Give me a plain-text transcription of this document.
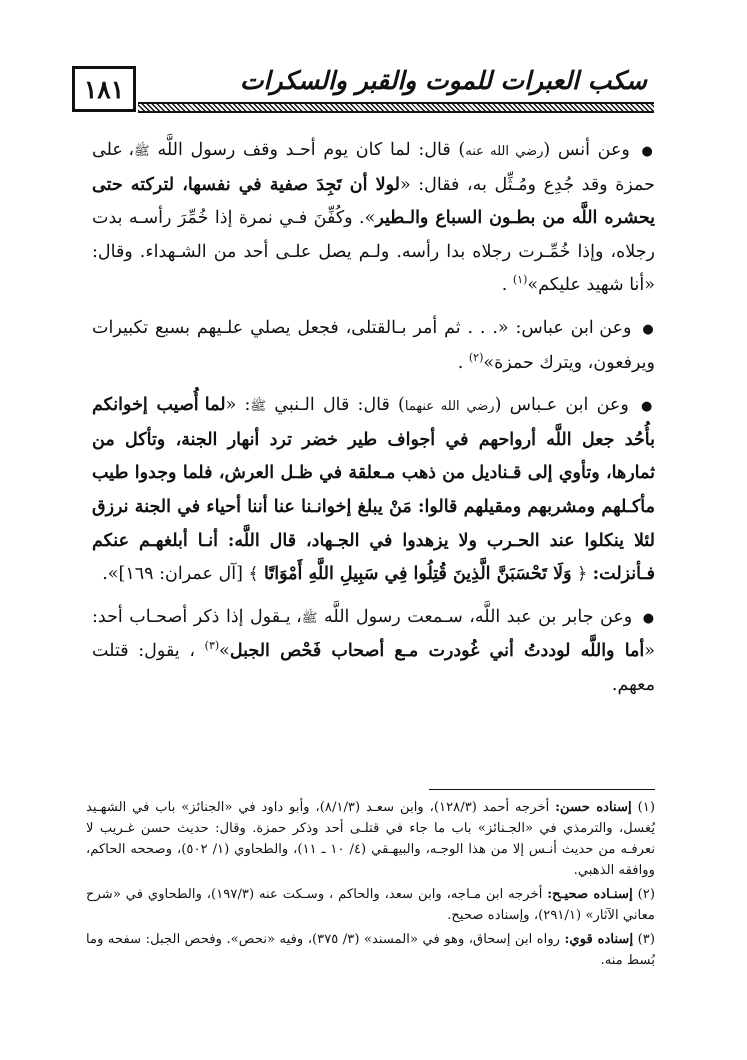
١٨١	سكب العبرات للموت والقبر والسكرات

● وعن أنس (رضي الله عنه) قال: لما كان يوم أحـد وقف رسول اللَّه ﷺ، على حمزة وقد جُدِع ومُـثِّل به، فقال: «لولا أن تَجِدَ صفية في نفسها، لتركته حتى يحشره اللَّه من بطـون السباع والـطير». وكُفِّنَ فـي نمرة إذا خُمِّرَ رأسـه بدت رجلاه، وإذا خُمِّـرت رجلاه بدا رأسه. ولـم يصل علـى أحد من الشـهداء. وقال: «أنا شهيد عليكم»$^{(١)}$ .

● وعن ابن عباس: «. . . ثم أمر بـالقتلى، فجعل يصلي علـيهم بسبع تكبيرات ويرفعون، ويترك حمزة»$^{(٢)}$ .

● وعن ابن عـباس (رضي الله عنهما) قال: قال الـنبي ﷺ: «لما أُصيب إخوانكم بأُحُد جعل اللَّه أرواحهم في أجواف طير خضر ترد أنهار الجنة، وتأكل من ثمارها، وتأوي إلى قـناديل من ذهب مـعلقة في ظـل العرش، فلما وجدوا طيب مأكـلهم ومشربهم ومقيلهم قالوا: مَنْ يبلغ إخوانـنا عنا أننا أحياء في الجنة نرزق لئلا ينكلوا عند الحـرب ولا يزهدوا في الجـهاد، قال اللَّه: أنـا أبلغهـم عنكم فـأنزلت: ﴿ وَلَا تَحْسَبَنَّ الَّذِينَ قُتِلُوا فِي سَبِيلِ اللَّهِ أَمْوَاتًا ﴾ [آل عمران: ١٦٩]».

● وعن جابر بن عبد اللَّه، سـمعت رسول اللَّه ﷺ، يـقول إذا ذكر أصحـاب أحد: «أما واللَّه لوددتُ أني غُودرت مـع أصحاب فَحْص الجبل»$^{(٣)}$ ، يقول: قتلت معهم.

(١) إسناده حسن: أخرجه أحمد (١٢٨/٣)، وابن سعـد (٨/١/٣)، وأبو داود في «الجنائز» باب في الشهـيد يُغسل، والترمذي في «الجـنائز» باب ما جاء في قتلـى أحد وذكر حمزة. وقال: حديث حسن غـريب لا نعرفـه من حديث أنـس إلا من هذا الوجـه، والبيهـقي (٤/ ١٠ ـ ١١)، والطحاوي (١/ ٥٠٢)، وصححه الحاكم، ووافقه الذهبي.

(٢) إسنـاده صحيـح: أخرجه ابن مـاجه، وابن سعد، والحاكم ، وسـكت عنه (١٩٧/٣)، والطحاوي في «شرح معاني الآثار» (٢٩١/١)، وإسناده صحيح.

(٣) إسناده قوي: رواه ابن إسحاق، وهو في «المسند» (٣/ ٣٧٥)، وفيه «نحص». وفحص الجبل: سفحه وما بُسط منه.
